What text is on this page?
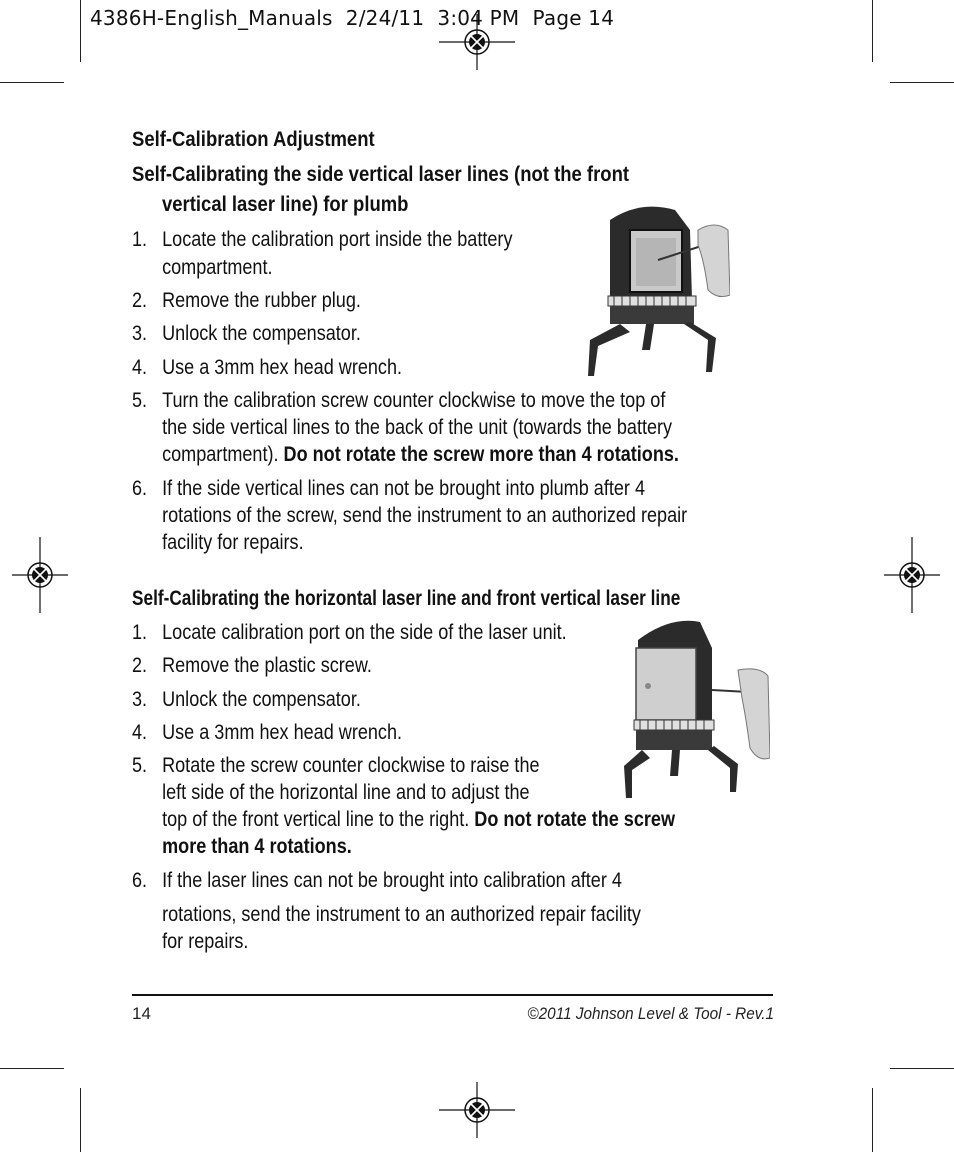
4386H-English_Manuals  2/24/11  3:04 PM  Page 14
Self-Calibration Adjustment
Self-Calibrating the side vertical laser lines (not the front
vertical laser line) for plumb
1. Locate the calibration port inside the battery
compartment.
2. Remove the rubber plug.
3. Unlock the compensator.
4. Use a 3mm hex head wrench.
5. Turn the calibration screw counter clockwise to move the top of
the side vertical lines to the back of the unit (towards the battery
compartment). Do not rotate the screw more than 4 rotations.
6. If the side vertical lines can not be brought into plumb after 4
rotations of the screw, send the instrument to an authorized repair
facility for repairs.
Self-Calibrating the horizontal laser line and front vertical laser line
1. Locate calibration port on the side of the laser unit.
2. Remove the plastic screw.
3. Unlock the compensator.
4. Use a 3mm hex head wrench.
5. Rotate the screw counter clockwise to raise the
left side of the horizontal line and to adjust the
top of the front vertical line to the right. Do not rotate the screw
more than 4 rotations.
6. If the laser lines can not be brought into calibration after 4
rotations, send the instrument to an authorized repair facility
for repairs.
14	©2011 Johnson Level & Tool - Rev.1
